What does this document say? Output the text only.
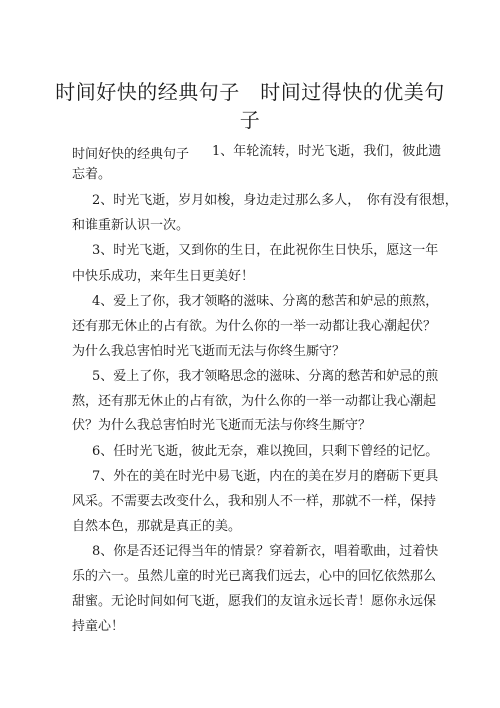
时间好快的经典句子　时间过得快的优美句
子
时间好快的经典句子 1、年轮流转，时光飞逝，我们，彼此遗
忘着。
2、时光飞逝，岁月如梭，身边走过那么多人，　你有没有很想，
和谁重新认识一次。
3、时光飞逝，又到你的生日，在此祝你生日快乐，愿这一年
中快乐成功，来年生日更美好！
4、爱上了你，我才领略的滋味、分离的愁苦和妒忌的煎熬，
还有那无休止的占有欲。为什么你的一举一动都让我心潮起伏？
为什么我总害怕时光飞逝而无法与你终生厮守？
5、爱上了你，我才领略思念的滋味、分离的愁苦和妒忌的煎
熬，还有那无休止的占有欲，为什么你的一举一动都让我心潮起
伏？为什么我总害怕时光飞逝而无法与你终生厮守？
6、任时光飞逝，彼此无奈，难以挽回，只剩下曾经的记忆。
7、外在的美在时光中易飞逝，内在的美在岁月的磨砺下更具
风采。不需要去改变什么，我和别人不一样，那就不一样，保持
自然本色，那就是真正的美。
8、你是否还记得当年的情景？穿着新衣，唱着歌曲，过着快
乐的六一。虽然儿童的时光已离我们远去，心中的回忆依然那么
甜蜜。无论时间如何飞逝，愿我们的友谊永远长青！愿你永远保
持童心！
